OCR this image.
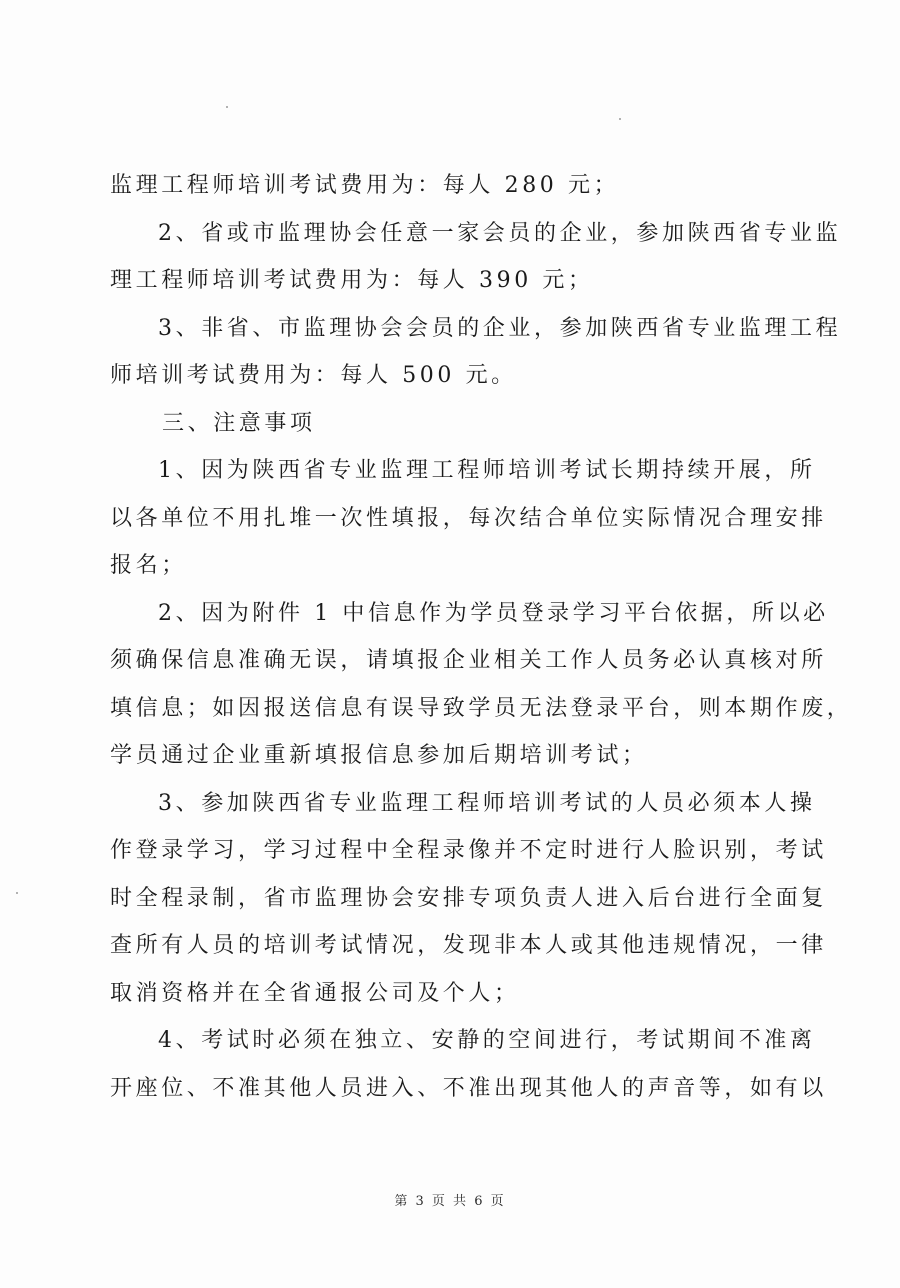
监理工程师培训考试费用为：每人 280 元；
2、省或市监理协会任意一家会员的企业，参加陕西省专业监
理工程师培训考试费用为：每人 390 元；
3、非省、市监理协会会员的企业，参加陕西省专业监理工程
师培训考试费用为：每人 500 元。
三、注意事项
1、因为陕西省专业监理工程师培训考试长期持续开展，所
以各单位不用扎堆一次性填报，每次结合单位实际情况合理安排
报名；
2、因为附件 1 中信息作为学员登录学习平台依据，所以必
须确保信息准确无误，请填报企业相关工作人员务必认真核对所
填信息；如因报送信息有误导致学员无法登录平台，则本期作废，
学员通过企业重新填报信息参加后期培训考试；
3、参加陕西省专业监理工程师培训考试的人员必须本人操
作登录学习，学习过程中全程录像并不定时进行人脸识别，考试
时全程录制，省市监理协会安排专项负责人进入后台进行全面复
查所有人员的培训考试情况，发现非本人或其他违规情况，一律
取消资格并在全省通报公司及个人；
4、考试时必须在独立、安静的空间进行，考试期间不准离
开座位、不准其他人员进入、不准出现其他人的声音等，如有以
第 3 页 共 6 页
